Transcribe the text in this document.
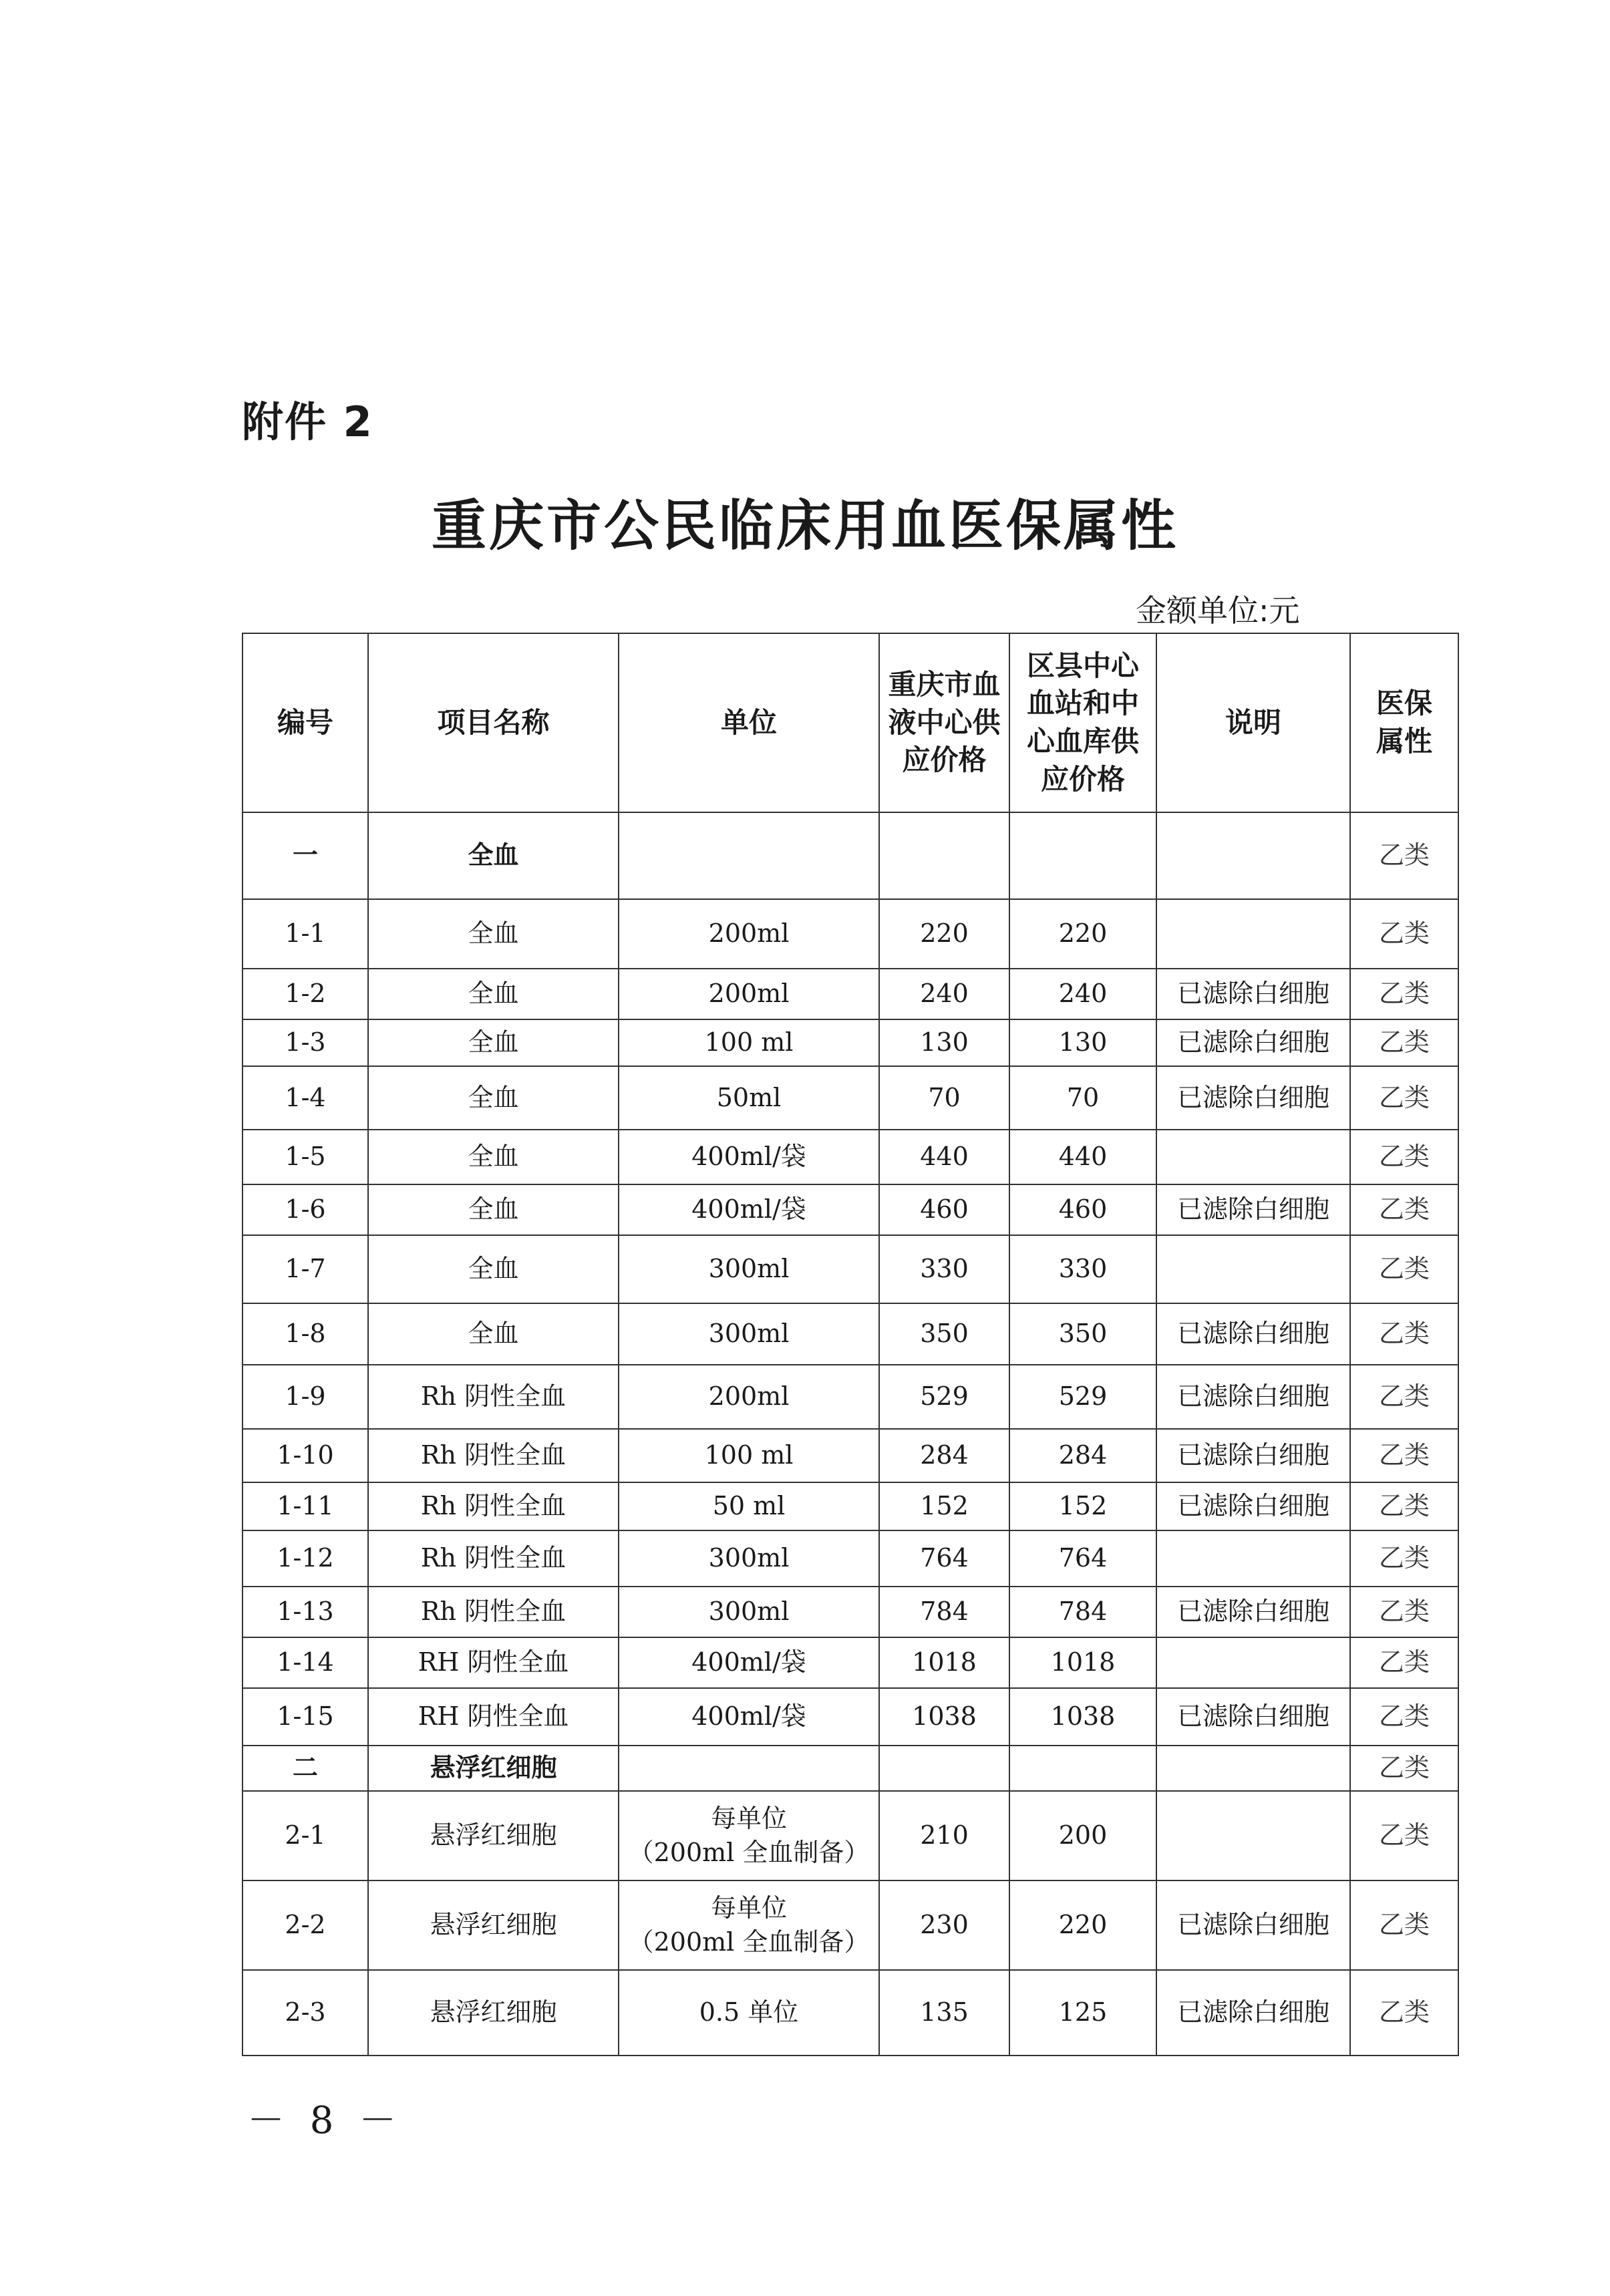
附件 2
重庆市公民临床用血医保属性
金额单位:元
编号	项目名称	单位	重庆市血液中心供应价格	区县中心血站和中心血库供应价格	说明	医保属性
一	全血					乙类
1-1	全血	200ml	220	220		乙类
1-2	全血	200ml	240	240	已滤除白细胞	乙类
1-3	全血	100 ml	130	130	已滤除白细胞	乙类
1-4	全血	50ml	70	70	已滤除白细胞	乙类
1-5	全血	400ml/袋	440	440		乙类
1-6	全血	400ml/袋	460	460	已滤除白细胞	乙类
1-7	全血	300ml	330	330		乙类
1-8	全血	300ml	350	350	已滤除白细胞	乙类
1-9	Rh 阴性全血	200ml	529	529	已滤除白细胞	乙类
1-10	Rh 阴性全血	100 ml	284	284	已滤除白细胞	乙类
1-11	Rh 阴性全血	50 ml	152	152	已滤除白细胞	乙类
1-12	Rh 阴性全血	300ml	764	764		乙类
1-13	Rh 阴性全血	300ml	784	784	已滤除白细胞	乙类
1-14	RH 阴性全血	400ml/袋	1018	1018		乙类
1-15	RH 阴性全血	400ml/袋	1038	1038	已滤除白细胞	乙类
二	悬浮红细胞					乙类
2-1	悬浮红细胞	每单位
（200ml 全血制备）	210	200		乙类
2-2	悬浮红细胞	每单位
（200ml 全血制备）	230	220	已滤除白细胞	乙类
2-3	悬浮红细胞	0.5 单位	135	125	已滤除白细胞	乙类
－ 8 －
